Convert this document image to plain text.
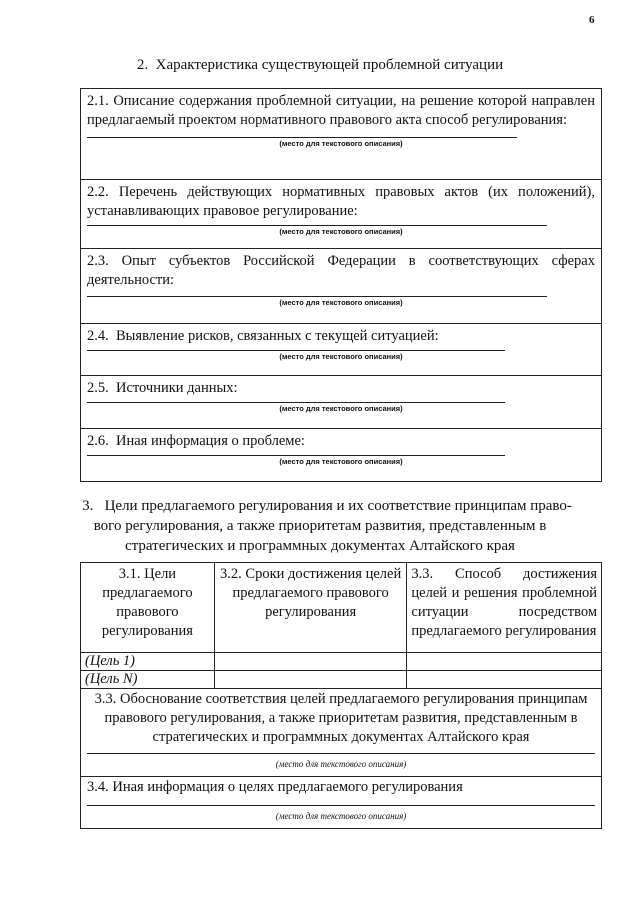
6
2.  Характеристика существующей проблемной ситуации
2.1. Описание содержания проблемной ситуации, на решение которой направлен предлагаемый проектом нормативного правового акта способ регулирования:
(место для текстового описания)
2.2. Перечень действующих нормативных правовых актов (их положений), устанавливающих правовое регулирование:
(место для текстового описания)
2.3. Опыт субъектов Российской Федерации в соответствующих сферах деятельности:
(место для текстового описания)
2.4.  Выявление рисков, связанных с текущей ситуацией:
(место для текстового описания)
2.5.  Источники данных:
(место для текстового описания)
2.6.  Иная информация о проблеме:
(место для текстового описания)
3.   Цели предлагаемого регулирования и их соответствие принципам право-
вого регулирования, а также приоритетам развития, представленным в
стратегических и программных документах Алтайского края
3.1. Цели предлагаемого правового регулирования	3.2. Сроки достижения целей предлагаемого правового регулирования	3.3. Способ достижения целей и решения проблемной ситуации посредством предлагаемого регулирования
(Цель 1)		
(Цель N)		

3.3. Обоснование соответствия целей предлагаемого регулирования принципам правового регулирования, а также приоритетам развития, представленным в стратегических и программных документах Алтайского края
(место для текстового описания)		

3.4. Иная информация о целях предлагаемого регулирования
(место для текстового описания)		
